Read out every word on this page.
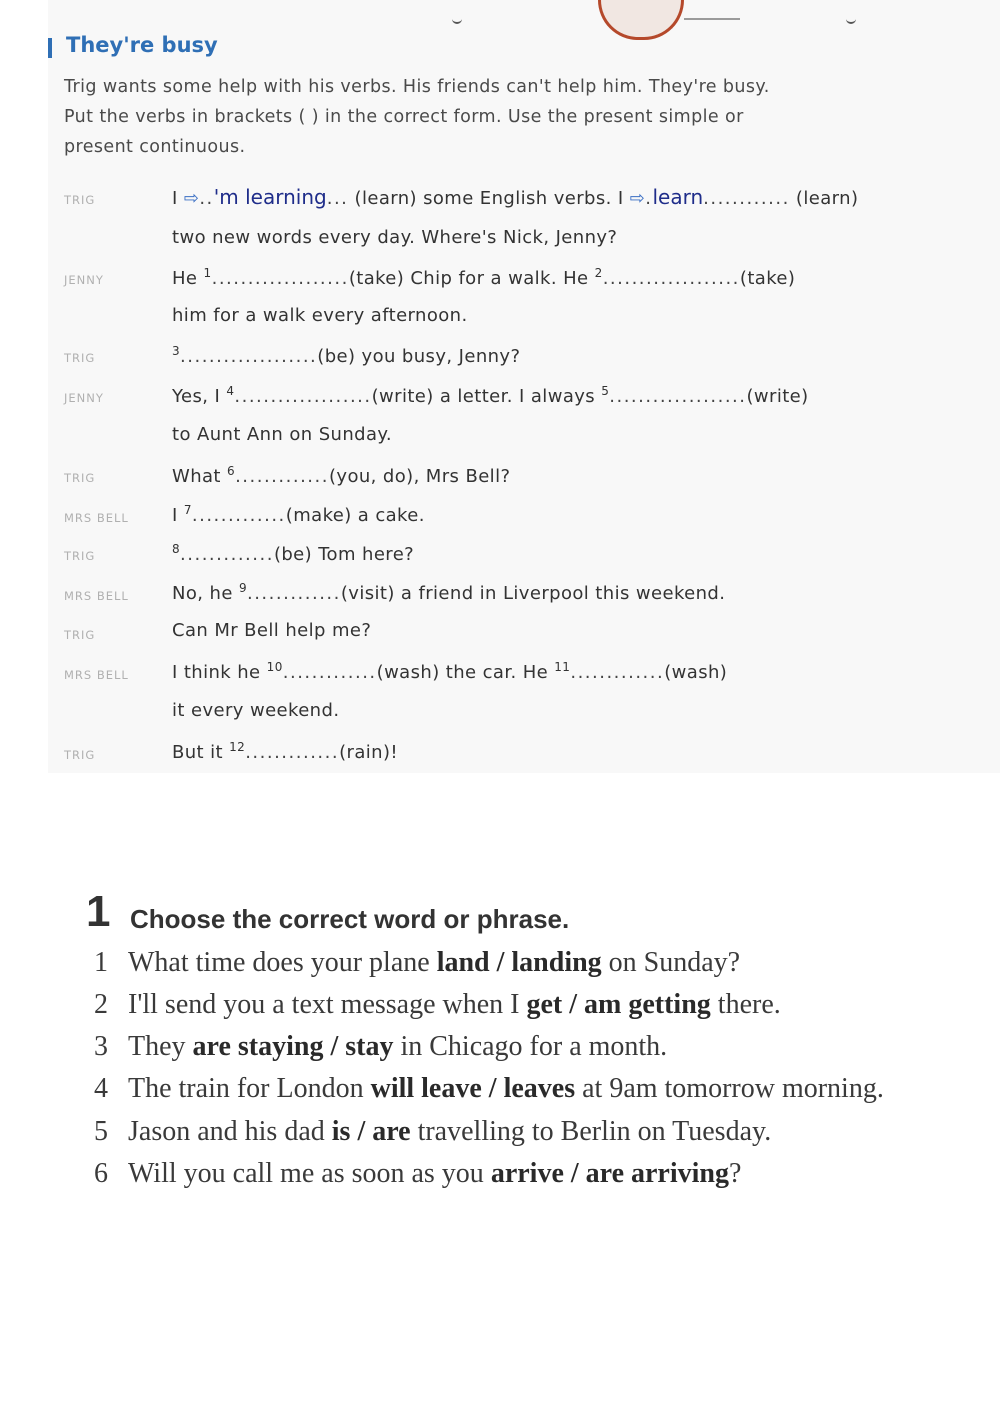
They're busy

Trig wants some help with his verbs. His friends can't help him. They're busy.

Put the verbs in brackets ( ) in the correct form. Use the present simple or

present continuous.

TRIG	I ⇨..'m learning... (learn) some English verbs. I ⇨.learn............ (learn)
two new words every day. Where's Nick, Jenny?
JENNY	He $^1$...................(take) Chip for a walk. He $^2$...................(take)
him for a walk every afternoon.
TRIG	$^3$...................(be) you busy, Jenny?
JENNY	Yes, I $^4$...................(write) a letter. I always $^5$...................(write)
to Aunt Ann on Sunday.
TRIG	What $^6$.............(you, do), Mrs Bell?
MRS BELL	I $^7$.............(make) a cake.
TRIG	$^8$.............(be) Tom here?
MRS BELL	No, he $^9$.............(visit) a friend in Liverpool this weekend.
TRIG	Can Mr Bell help me?
MRS BELL	I think he $^{10}$.............(wash) the car. He $^{11}$.............(wash)
it every weekend.
TRIG	But it $^{12}$.............(rain)!
1 Choose the correct word or phrase.
1 What time does your plane land / landing on Sunday?
2 I'll send you a text message when I get / am getting there.
3 They are staying / stay in Chicago for a month.
4 The train for London will leave / leaves at 9am tomorrow morning.
5 Jason and his dad is / are travelling to Berlin on Tuesday.
6 Will you call me as soon as you arrive / are arriving?
